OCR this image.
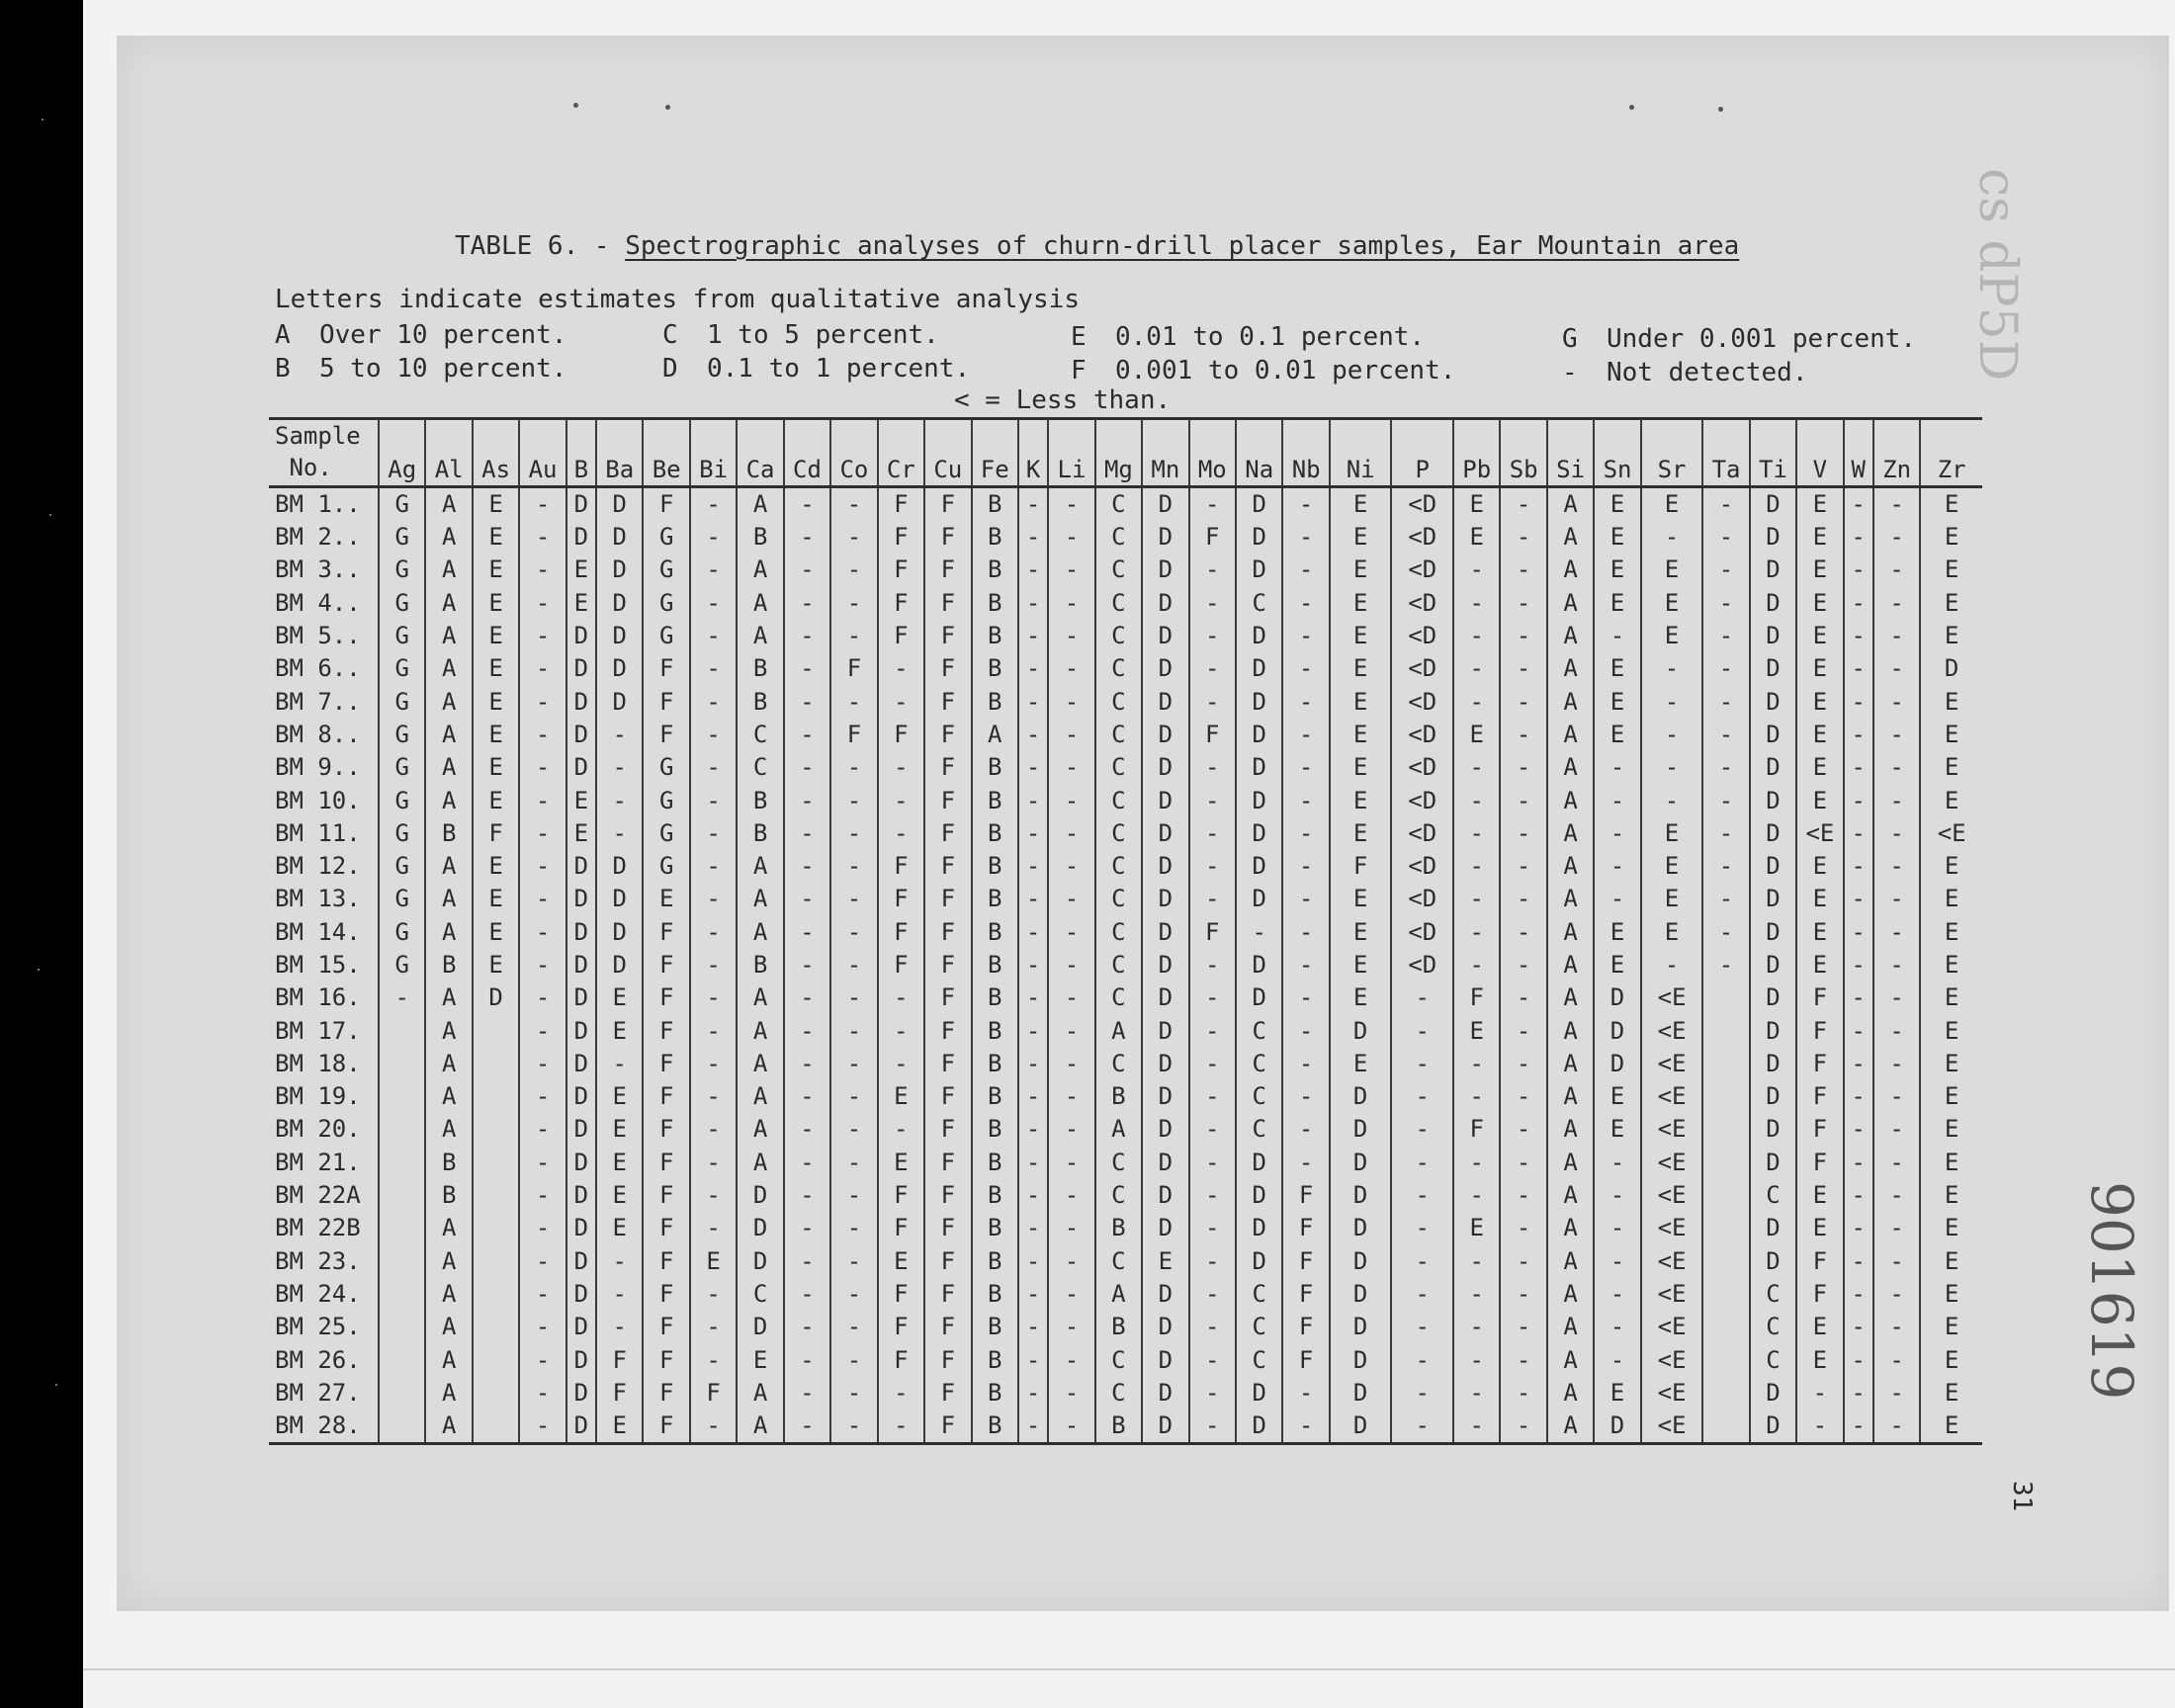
TABLE 6. - Spectrographic analyses of churn-drill placer samples, Ear Mountain area
Letters indicate estimates from qualitative analysis
A Over 10 percent.
B 5 to 10 percent.
C 1 to 5 percent.
D 0.1 to 1 percent.
E 0.01 to 0.1 percent.
F 0.001 to 0.01 percent.
G Under 0.001 percent.
- Not detected.
< = Less than.
Sample
No.	Ag	Al	As	Au	B	Ba	Be	Bi	Ca	Cd	Co	Cr	Cu	Fe	K	Li	Mg	Mn	Mo	Na	Nb	Ni	P	Pb	Sb	Si	Sn	Sr	Ta	Ti	V	W	Zn	Zr
BM 1..	G	A	E	-	D	D	F	-	A	-	-	F	F	B	-	-	C	D	-	D	-	E	<D	E	-	A	E	E	-	D	E	-	-	E
BM 2..	G	A	E	-	D	D	G	-	B	-	-	F	F	B	-	-	C	D	F	D	-	E	<D	E	-	A	E	-	-	D	E	-	-	E
BM 3..	G	A	E	-	E	D	G	-	A	-	-	F	F	B	-	-	C	D	-	D	-	E	<D	-	-	A	E	E	-	D	E	-	-	E
BM 4..	G	A	E	-	E	D	G	-	A	-	-	F	F	B	-	-	C	D	-	C	-	E	<D	-	-	A	E	E	-	D	E	-	-	E
BM 5..	G	A	E	-	D	D	G	-	A	-	-	F	F	B	-	-	C	D	-	D	-	E	<D	-	-	A	-	E	-	D	E	-	-	E
BM 6..	G	A	E	-	D	D	F	-	B	-	F	-	F	B	-	-	C	D	-	D	-	E	<D	-	-	A	E	-	-	D	E	-	-	D
BM 7..	G	A	E	-	D	D	F	-	B	-	-	-	F	B	-	-	C	D	-	D	-	E	<D	-	-	A	E	-	-	D	E	-	-	E
BM 8..	G	A	E	-	D	-	F	-	C	-	F	F	F	A	-	-	C	D	F	D	-	E	<D	E	-	A	E	-	-	D	E	-	-	E
BM 9..	G	A	E	-	D	-	G	-	C	-	-	-	F	B	-	-	C	D	-	D	-	E	<D	-	-	A	-	-	-	D	E	-	-	E
BM 10.	G	A	E	-	E	-	G	-	B	-	-	-	F	B	-	-	C	D	-	D	-	E	<D	-	-	A	-	-	-	D	E	-	-	E
BM 11.	G	B	F	-	E	-	G	-	B	-	-	-	F	B	-	-	C	D	-	D	-	E	<D	-	-	A	-	E	-	D	<E	-	-	<E
BM 12.	G	A	E	-	D	D	G	-	A	-	-	F	F	B	-	-	C	D	-	D	-	F	<D	-	-	A	-	E	-	D	E	-	-	E
BM 13.	G	A	E	-	D	D	E	-	A	-	-	F	F	B	-	-	C	D	-	D	-	E	<D	-	-	A	-	E	-	D	E	-	-	E
BM 14.	G	A	E	-	D	D	F	-	A	-	-	F	F	B	-	-	C	D	F	-	-	E	<D	-	-	A	E	E	-	D	E	-	-	E
BM 15.	G	B	E	-	D	D	F	-	B	-	-	F	F	B	-	-	C	D	-	D	-	E	<D	-	-	A	E	-	-	D	E	-	-	E
BM 16.	-	A	D	-	D	E	F	-	A	-	-	-	F	B	-	-	C	D	-	D	-	E	-	F	-	A	D	<E		D	F	-	-	E
BM 17.		A		-	D	E	F	-	A	-	-	-	F	B	-	-	A	D	-	C	-	D	-	E	-	A	D	<E		D	F	-	-	E
BM 18.		A		-	D	-	F	-	A	-	-	-	F	B	-	-	C	D	-	C	-	E	-	-	-	A	D	<E		D	F	-	-	E
BM 19.		A		-	D	E	F	-	A	-	-	E	F	B	-	-	B	D	-	C	-	D	-	-	-	A	E	<E		D	F	-	-	E
BM 20.		A		-	D	E	F	-	A	-	-	-	F	B	-	-	A	D	-	C	-	D	-	F	-	A	E	<E		D	F	-	-	E
BM 21.		B		-	D	E	F	-	A	-	-	E	F	B	-	-	C	D	-	D	-	D	-	-	-	A	-	<E		D	F	-	-	E
BM 22A		B		-	D	E	F	-	D	-	-	F	F	B	-	-	C	D	-	D	F	D	-	-	-	A	-	<E		C	E	-	-	E
BM 22B		A		-	D	E	F	-	D	-	-	F	F	B	-	-	B	D	-	D	F	D	-	E	-	A	-	<E		D	E	-	-	E
BM 23.		A		-	D	-	F	E	D	-	-	E	F	B	-	-	C	E	-	D	F	D	-	-	-	A	-	<E		D	F	-	-	E
BM 24.		A		-	D	-	F	-	C	-	-	F	F	B	-	-	A	D	-	C	F	D	-	-	-	A	-	<E		C	F	-	-	E
BM 25.		A		-	D	-	F	-	D	-	-	F	F	B	-	-	B	D	-	C	F	D	-	-	-	A	-	<E		C	E	-	-	E
BM 26.		A		-	D	F	F	-	E	-	-	F	F	B	-	-	C	D	-	C	F	D	-	-	-	A	-	<E		C	E	-	-	E
BM 27.		A		-	D	F	F	F	A	-	-	-	F	B	-	-	C	D	-	D	-	D	-	-	-	A	E	<E		D	-	-	-	E
BM 28.		A		-	D	E	F	-	A	-	-	-	F	B	-	-	B	D	-	D	-	D	-	-	-	A	D	<E		D	-	-	-	E
cs dP5D
901619
31
